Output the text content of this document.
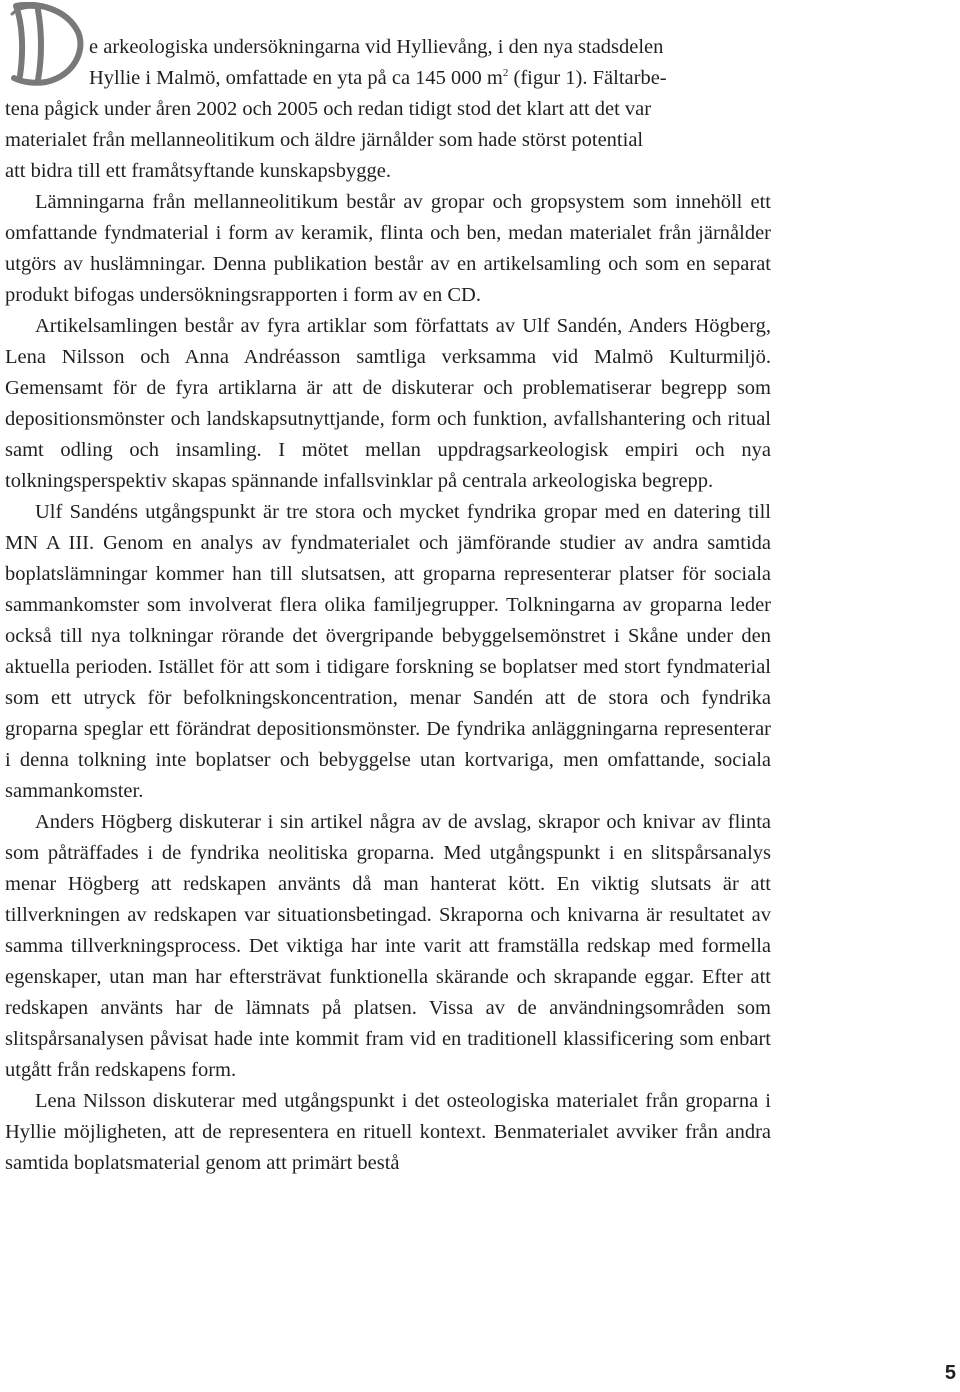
e arkeologiska undersökningarna vid Hyllievång, i den nya stadsdelen
Hyllie i Malmö, omfattade en yta på ca 145 000 $m^2$ (figur 1). Fältarbe-
tena pågick under åren 2002 och 2005 och redan tidigt stod det klart att det var
materialet från mellanneolitikum och äldre järnålder som hade störst potential
att bidra till ett framåtsyftande kunskapsbygge.

Lämningarna från mellanneolitikum består av gropar och gropsystem som innehöll ett omfattande fyndmaterial i form av keramik, flinta och ben, medan materialet från järnålder utgörs av huslämningar. Denna publikation består av en artikelsamling och som en separat produkt bifogas undersökningsrapporten i form av en CD.

Artikelsamlingen består av fyra artiklar som författats av Ulf Sandén, Anders Högberg, Lena Nilsson och Anna Andréasson samtliga verksamma vid Malmö Kulturmiljö. Gemensamt för de fyra artiklarna är att de diskuterar och problematiserar begrepp som depositionsmönster och landskapsutnyttjande, form och funktion, avfallshantering och ritual samt odling och insamling. I mötet mellan uppdragsarkeologisk empiri och nya tolkningsperspektiv skapas spännande infallsvinklar på centrala arkeologiska begrepp.

Ulf Sandéns utgångspunkt är tre stora och mycket fyndrika gropar med en datering till MN A III. Genom en analys av fyndmaterialet och jämförande studier av andra samtida boplatslämningar kommer han till slutsatsen, att groparna representerar platser för sociala sammankomster som involverat flera olika familjegrupper. Tolkningarna av groparna leder också till nya tolkningar rörande det övergripande bebyggelsemönstret i Skåne under den aktuella perioden. Istället för att som i tidigare forskning se boplatser med stort fyndmaterial som ett utryck för befolkningskoncentration, menar Sandén att de stora och fyndrika groparna speglar ett förändrat depositionsmönster. De fyndrika anläggningarna representerar i denna tolkning inte boplatser och bebyggelse utan kortvariga, men omfattande, sociala sammankomster.

Anders Högberg diskuterar i sin artikel några av de avslag, skrapor och knivar av flinta som påträffades i de fyndrika neolitiska groparna. Med utgångspunkt i en slitspårsanalys menar Högberg att redskapen använts då man hanterat kött. En viktig slutsats är att tillverkningen av redskapen var situationsbetingad. Skraporna och knivarna är resultatet av samma tillverkningsprocess. Det viktiga har inte varit att framställa redskap med formella egenskaper, utan man har eftersträvat funktionella skärande och skrapande eggar. Efter att redskapen använts har de lämnats på platsen. Vissa av de användningsområden som slitspårsanalysen påvisat hade inte kommit fram vid en traditionell klassificering som enbart utgått från redskapens form.

Lena Nilsson diskuterar med utgångspunkt i det osteologiska materialet från groparna i Hyllie möjligheten, att de representera en rituell kontext. Benmaterialet avviker från andra samtida boplatsmaterial genom att primärt bestå

5
